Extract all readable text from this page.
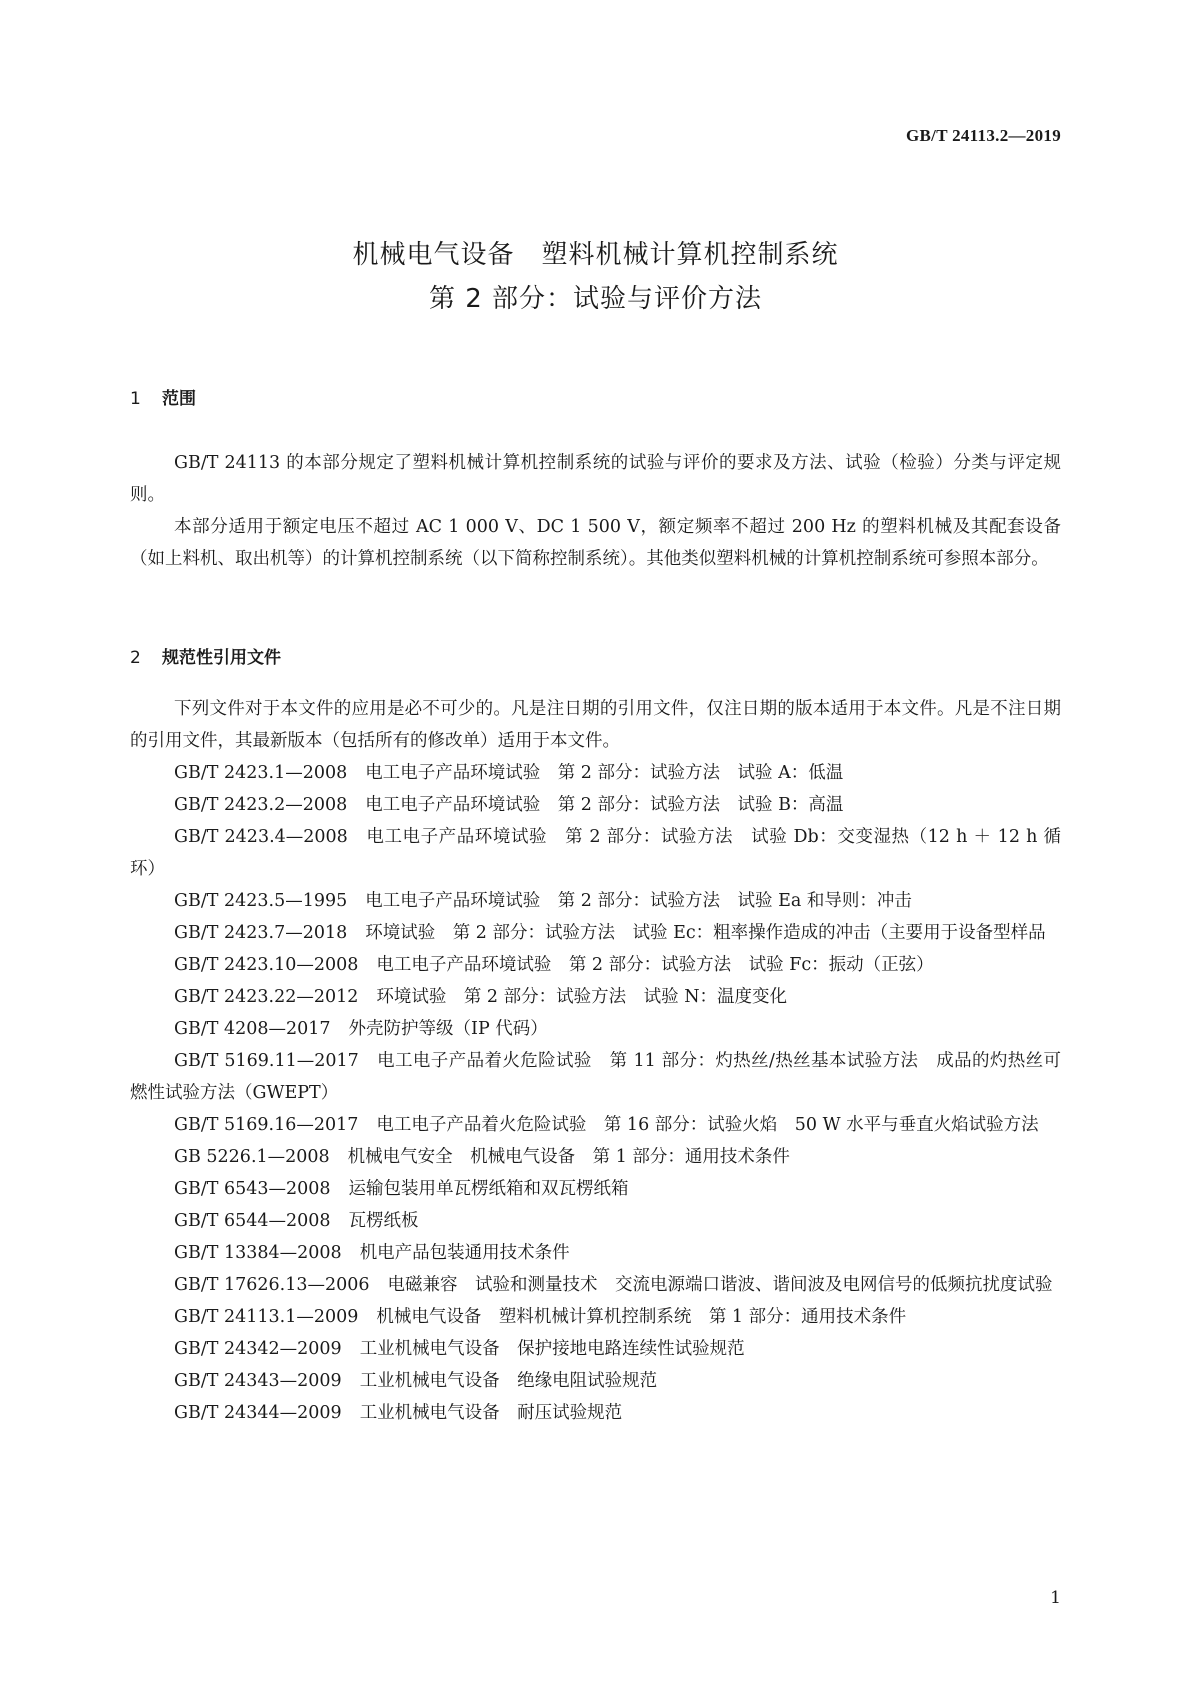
GB/T 24113.2—2019
机械电气设备　塑料机械计算机控制系统
第 2 部分：试验与评价方法
1 范围
GB/T 24113 的本部分规定了塑料机械计算机控制系统的试验与评价的要求及方法、试验（检验）分类与评定规则。
本部分适用于额定电压不超过 AC 1 000 V、DC 1 500 V，额定频率不超过 200 Hz 的塑料机械及其配套设备（如上料机、取出机等）的计算机控制系统（以下简称控制系统）。其他类似塑料机械的计算机控制系统可参照本部分。
2 规范性引用文件
下列文件对于本文件的应用是必不可少的。凡是注日期的引用文件，仅注日期的版本适用于本文件。凡是不注日期的引用文件，其最新版本（包括所有的修改单）适用于本文件。
GB/T 2423.1—2008 电工电子产品环境试验　第 2 部分：试验方法　试验 A：低温
GB/T 2423.2—2008 电工电子产品环境试验　第 2 部分：试验方法　试验 B：高温
GB/T 2423.4—2008 电工电子产品环境试验　第 2 部分：试验方法　试验 Db：交变湿热（12 h ＋ 12 h 循环）
GB/T 2423.5—1995 电工电子产品环境试验　第 2 部分：试验方法　试验 Ea 和导则：冲击
GB/T 2423.7—2018 环境试验　第 2 部分：试验方法　试验 Ec：粗率操作造成的冲击（主要用于设备型样品
GB/T 2423.10—2008 电工电子产品环境试验　第 2 部分：试验方法　试验 Fc：振动（正弦）
GB/T 2423.22—2012 环境试验　第 2 部分：试验方法　试验 N：温度变化
GB/T 4208—2017 外壳防护等级（IP 代码）
GB/T 5169.11—2017 电工电子产品着火危险试验　第 11 部分：灼热丝/热丝基本试验方法　成品的灼热丝可燃性试验方法（GWEPT）
GB/T 5169.16—2017 电工电子产品着火危险试验　第 16 部分：试验火焰　50 W 水平与垂直火焰试验方法
GB 5226.1—2008 机械电气安全　机械电气设备　第 1 部分：通用技术条件
GB/T 6543—2008 运输包装用单瓦楞纸箱和双瓦楞纸箱
GB/T 6544—2008 瓦楞纸板
GB/T 13384—2008 机电产品包装通用技术条件
GB/T 17626.13—2006 电磁兼容　试验和测量技术　交流电源端口谐波、谐间波及电网信号的低频抗扰度试验
GB/T 24113.1—2009 机械电气设备　塑料机械计算机控制系统　第 1 部分：通用技术条件
GB/T 24342—2009 工业机械电气设备　保护接地电路连续性试验规范
GB/T 24343—2009 工业机械电气设备　绝缘电阻试验规范
GB/T 24344—2009 工业机械电气设备　耐压试验规范
1
